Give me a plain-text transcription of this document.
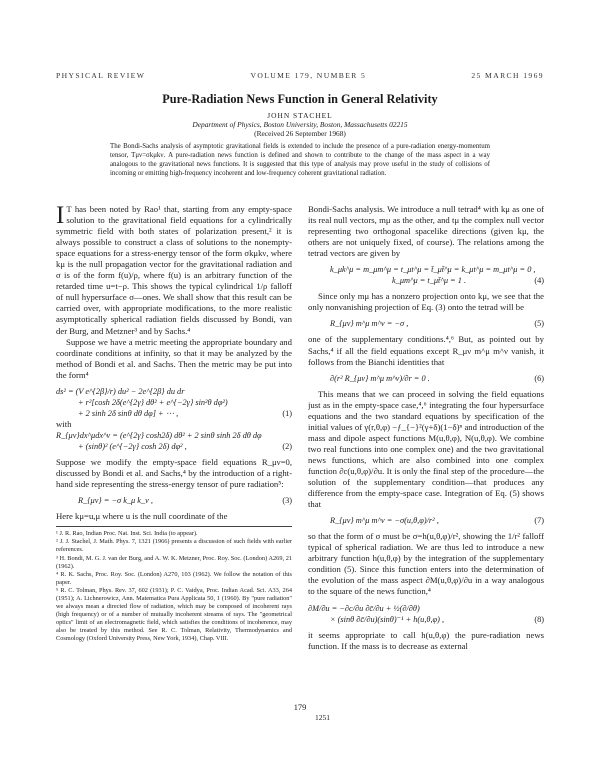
PHYSICAL REVIEW	VOLUME 179, NUMBER 5	25 MARCH 1969
Pure-Radiation News Function in General Relativity
JOHN STACHEL
Department of Physics, Boston University, Boston, Massachusetts 02215
(Received 26 September 1968)

The Bondi-Sachs analysis of asymptotic gravitational fields is extended to include the presence of a pure-radiation energy-momentum tensor, Tμν=σkμkν. A pure-radiation news function is defined and shown to contribute to the change of the mass aspect in a way analogous to the gravitational news functions. It is suggested that this type of analysis may prove useful in the study of collisions of incoming or emitting high-frequency incoherent and low-frequency coherent gravitational radiation.

I T has been noted by Rao¹ that, starting from any empty-space solution to the gravitational field equations for a cylindrically symmetric field with both states of polarization present,² it is always possible to construct a class of solutions to the nonempty-space equations for a stress-energy tensor of the form σkμkν, where kμ is the null propagation vector for the gravitational radiation and σ is of the form f(u)/ρ, where f(u) is an arbitrary function of the retarded time u=t−ρ. This shows the typical cylindrical 1/ρ falloff of null hypersurface σ—ones. We shall show that this result can be carried over, with appropriate modifications, to the more realistic asymptotically spherical radiation fields discussed by Bondi, van der Burg, and Metzner³ and by Sachs.⁴

Suppose we have a metric meeting the appropriate boundary and coordinate conditions at infinity, so that it may be analyzed by the method of Bondi et al. and Sachs. Then the metric may be put into the form⁴

ds² = (V e^{2β}/r) du² − 2e^{2β} du dr
+ r²[cosh 2δ(e^{2γ} dθ² + e^{−2γ} sin²θ dφ²)
+ 2 sinh 2δ sinθ dθ dφ] + ⋯ ,	(1)

with

R_{μν}dx^μdx^ν = (e^{2γ} cosh2δ) dθ² + 2 sinθ sinh 2δ dθ dφ
+ (sinθ)² (e^{−2γ} cosh 2δ) dφ² ,	(2)

Suppose we modify the empty-space field equations R_μν=0, discussed by Bondi et al. and Sachs,⁴ by the introduction of a right-hand side representing the stress-energy tensor of pure radiation⁵:

R_{μν} = −σ k_μ k_ν ,	(3)

Here kμ=u,μ where u is the null coordinate of the

¹ J. R. Rao, Indian Proc. Nat. Inst. Sci. India (to appear).
² J. J. Stachel, J. Math. Phys. 7, 1321 (1966) presents a discussion of such fields with earlier references.
³ H. Bondi, M. G. J. van der Burg, and A. W. K. Metzner, Proc. Roy. Soc. (London) A269, 21 (1962).
⁴ R. K. Sachs, Proc. Roy. Soc. (London) A270, 103 (1962). We follow the notation of this paper.
⁵ R. C. Tolman, Phys. Rev. 37, 602 (1931); P. C. Vaidya, Proc. Indian Acad. Sci. A33, 264 (1951); A. Lichnerowicz, Ann. Matematica Pura Applicata 50, 1 (1960). By "pure radiation" we always mean a directed flow of radiation, which may be composed of incoherent rays (high frequency) or of a number of mutually incoherent streams of rays. The "geometrical optics" limit of an electromagnetic field, which satisfies the conditions of incoherence, may also be treated by this method. See R. C. Tolman, Relativity, Thermodynamics and Cosmology (Oxford University Press, New York, 1934), Chap. VIII.

Bondi-Sachs analysis. We introduce a null tetrad⁴ with kμ as one of its real null vectors, mμ as the other, and tμ the complex null vector representing two orthogonal spacelike directions (given kμ, the others are not uniquely fixed, of course). The relations among the tetrad vectors are given by

k_μk^μ = m_μm^μ = t_μt^μ = t̄_μt̄^μ = k_μt^μ = m_μt^μ = 0 ,
k_μm^μ = t_μt̄^μ = 1 .	(4)

Since only mμ has a nonzero projection onto kμ, we see that the only nonvanishing projection of Eq. (3) onto the tetrad will be

R_{μν} m^μ m^ν = −σ ,	(5)

one of the supplementary conditions.⁴,⁶ But, as pointed out by Sachs,⁴ if all the field equations except R_μν m^μ m^ν vanish, it follows from the Bianchi identities that

∂(r² R_{μν} m^μ m^ν)/∂r = 0 .	(6)

This means that we can proceed in solving the field equations just as in the empty-space case,⁴,⁶ integrating the four hypersurface equations and the two standard equations by specification of the initial values of γ(r,θ,φ) −ƒ_{−}²(γ+δ)(1−δ)ⁿ and introduction of the mass and dipole aspect functions M(u,θ,φ), N(u,θ,φ). We combine two real functions into one complex one) and the two gravitational news functions, which are also combined into one complex function ∂c(u,θ,φ)/∂u. It is only the final step of the procedure—the solution of the supplementary condition—that produces any difference from the empty-space case. Integration of Eq. (5) shows that

R_{μν} m^μ m^ν = −σ(u,θ,φ)/r² ,	(7)

so that the form of σ must be σ=h(u,θ,φ)/r², showing the 1/r² falloff typical of spherical radiation. We are thus led to introduce a new arbitrary function h(u,θ,φ) by the integration of the supplementary condition (5). Since this function enters into the determination of the evolution of the mass aspect ∂M(u,θ,φ)/∂u in a way analogous to the square of the news function,⁴

∂M/∂u = −∂c/∂u ∂c̄/∂u + ½(∂/∂θ)
× (sinθ ∂c̄/∂u)(sinθ)⁻¹ + h(u,θ,φ) ,	(8)

it seems appropriate to call h(u,θ,φ) the pure-radiation news function. If the mass is to decrease as external

179
1251
